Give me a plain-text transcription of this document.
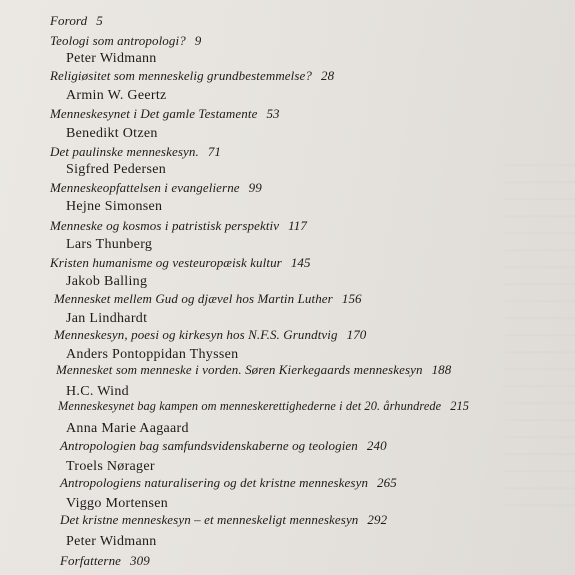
Forord 5
Teologi som antropologi? 9
Peter Widmann
Religiøsitet som menneskelig grundbestemmelse? 28
Armin W. Geertz
Menneskesynet i Det gamle Testamente 53
Benedikt Otzen
Det paulinske menneskesyn. 71
Sigfred Pedersen
Menneskeopfattelsen i evangelierne 99
Hejne Simonsen
Menneske og kosmos i patristisk perspektiv 117
Lars Thunberg
Kristen humanisme og vesteuropæisk kultur 145
Jakob Balling
Mennesket mellem Gud og djævel hos Martin Luther 156
Jan Lindhardt
Menneskesyn, poesi og kirkesyn hos N.F.S. Grundtvig 170
Anders Pontoppidan Thyssen
Mennesket som menneske i vorden. Søren Kierkegaards menneskesyn 188
H.C. Wind
Menneskesynet bag kampen om menneskerettighederne i det 20. århundrede 215
Anna Marie Aagaard
Antropologien bag samfundsvidenskaberne og teologien 240
Troels Nørager
Antropologiens naturalisering og det kristne menneskesyn 265
Viggo Mortensen
Det kristne menneskesyn – et menneskeligt menneskesyn 292
Peter Widmann
Forfatterne 309
